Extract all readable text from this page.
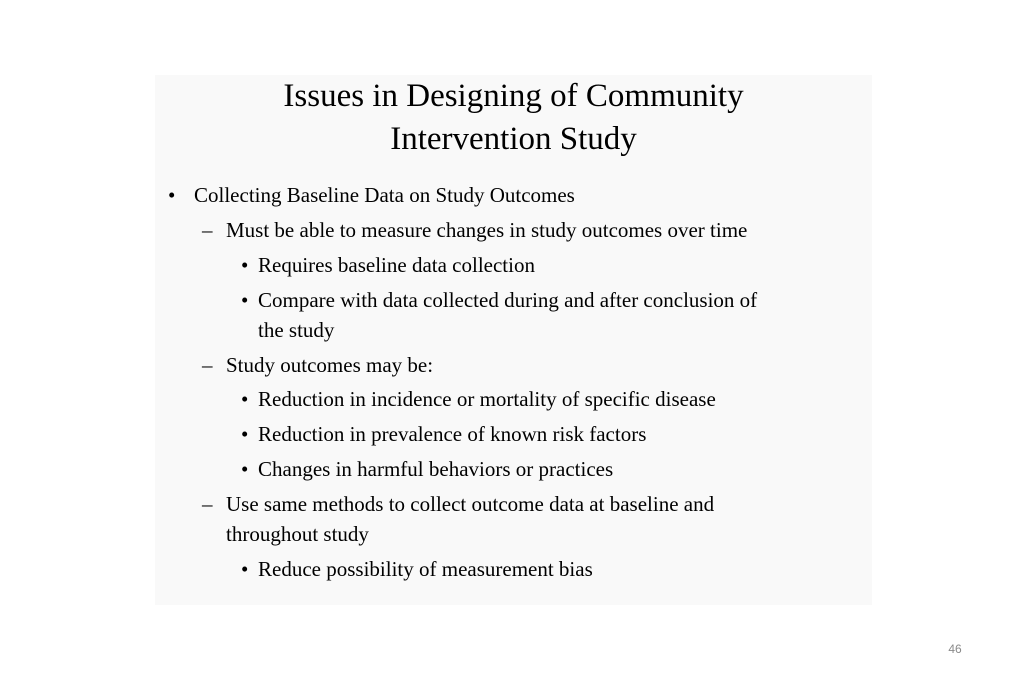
Issues in Designing of Community
Intervention Study
• Collecting Baseline Data on Study Outcomes
– Must be able to measure changes in study outcomes over time
• Requires baseline data collection
• Compare with data collected during and after conclusion of
the study
– Study outcomes may be:
• Reduction in incidence or mortality of specific disease
• Reduction in prevalence of known risk factors
• Changes in harmful behaviors or practices
– Use same methods to collect outcome data at baseline and
throughout study
• Reduce possibility of measurement bias
46
